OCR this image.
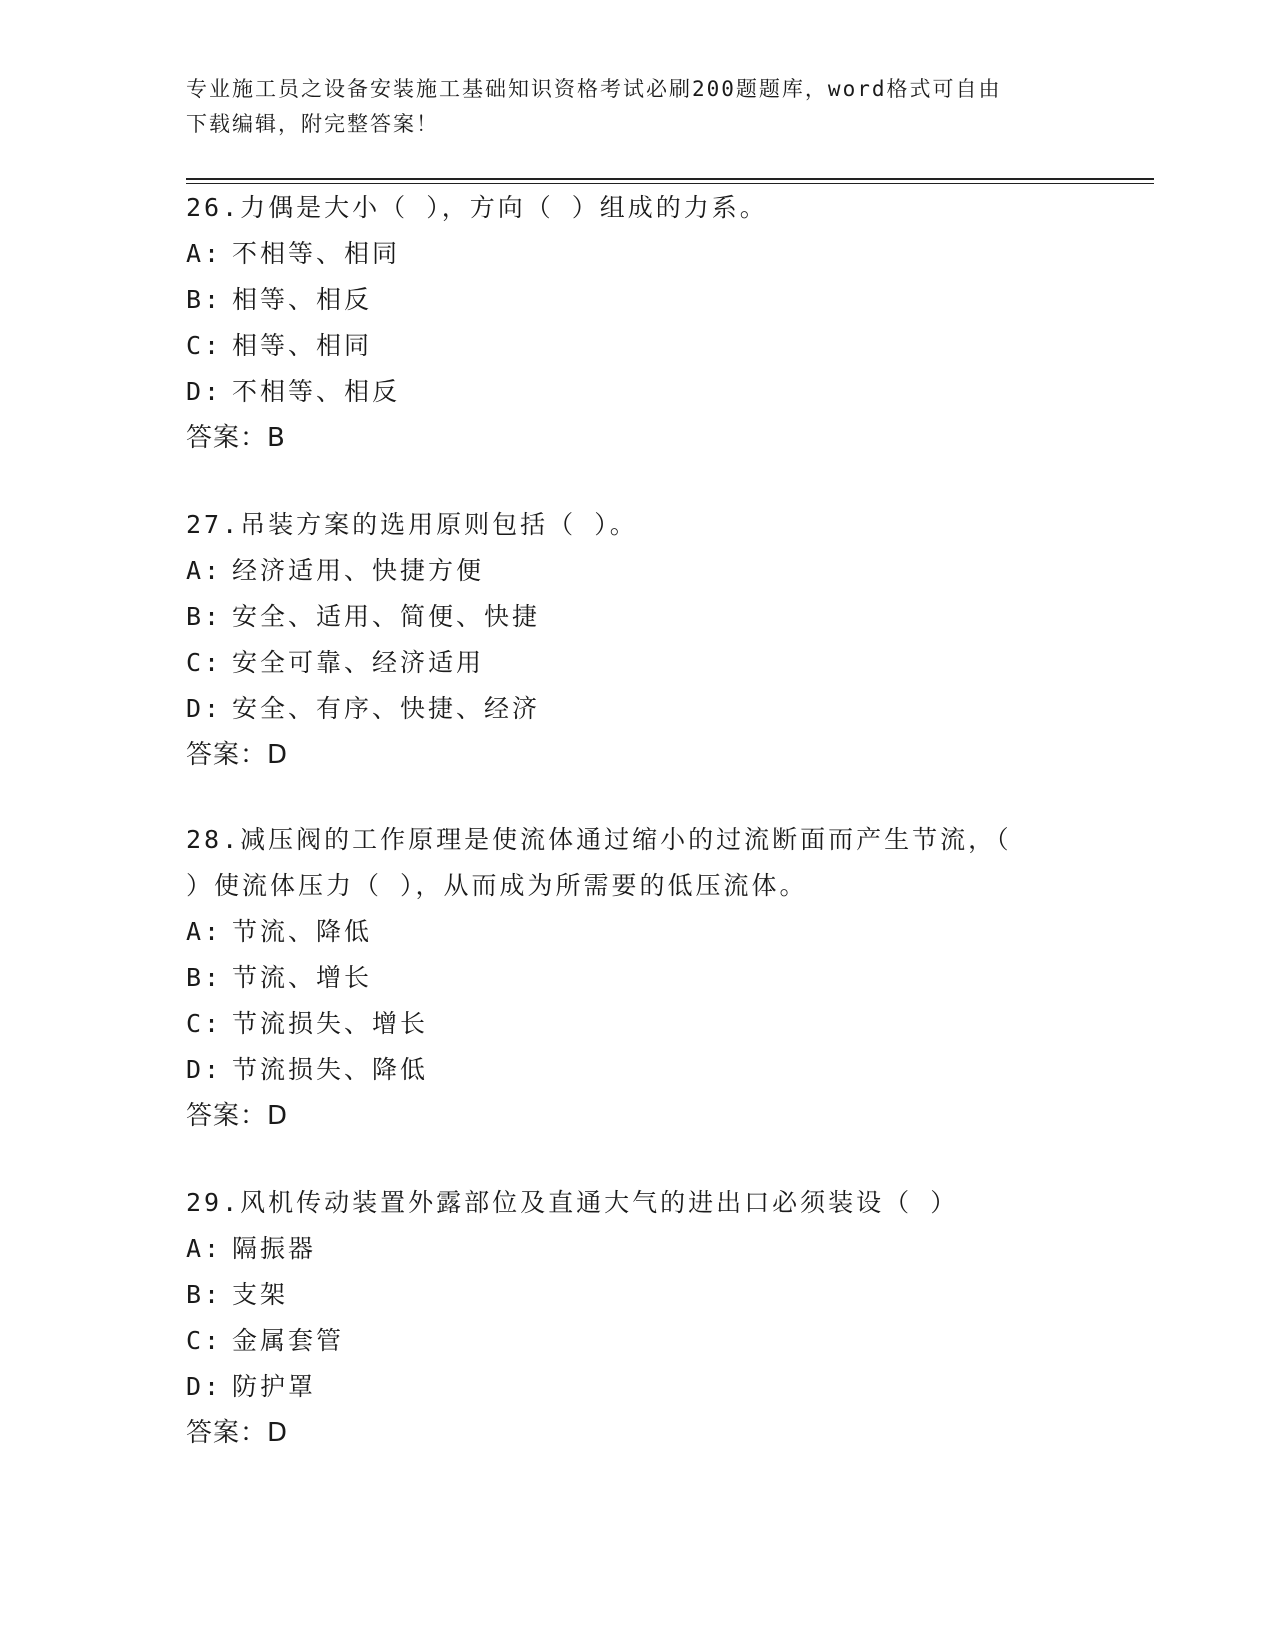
专业施工员之设备安装施工基础知识资格考试必刷200题题库，word格式可自由
下载编辑，附完整答案！

26.力偶是大小（ ），方向（ ）组成的力系。

A: 不相等、相同

B: 相等、相反

C: 相等、相同

D: 不相等、相反

答案：B

27.吊装方案的选用原则包括（ ）。

A: 经济适用、快捷方便

B: 安全、适用、简便、快捷

C: 安全可靠、经济适用

D: 安全、有序、快捷、经济

答案：D

28.减压阀的工作原理是使流体通过缩小的过流断面而产生节流，（

）使流体压力（ ），从而成为所需要的低压流体。

A: 节流、降低

B: 节流、增长

C: 节流损失、增长

D: 节流损失、降低

答案：D

29.风机传动装置外露部位及直通大气的进出口必须装设（ ）

A: 隔振器

B: 支架

C: 金属套管

D: 防护罩

答案：D
